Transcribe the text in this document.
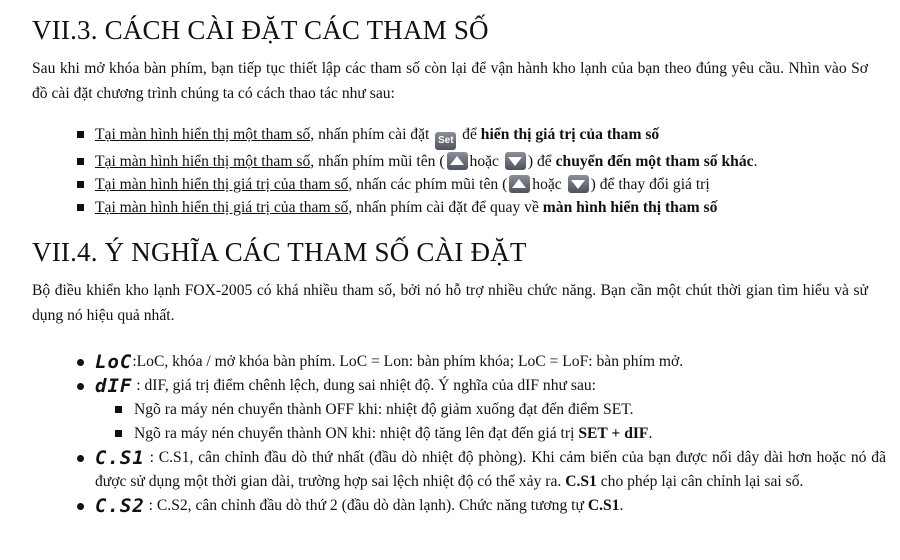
VII.3. CÁCH CÀI ĐẶT CÁC THAM SỐ

Sau khi mở khóa bàn phím, bạn tiếp tục thiết lập các tham số còn lại để vận hành kho lạnh của bạn theo đúng yêu cầu. Nhìn vào Sơ đồ cài đặt chương trình chúng ta có cách thao tác như sau:

Tại màn hình hiển thị một tham số, nhấn phím cài đặt Set để hiển thị giá trị của tham số
Tại màn hình hiển thị một tham số, nhấn phím mũi tên ( hoặc ) để chuyển đến một tham số khác.
Tại màn hình hiển thị giá trị của tham số, nhấn các phím mũi tên ( hoặc ) để thay đổi giá trị
Tại màn hình hiển thị giá trị của tham số, nhấn phím cài đặt để quay về màn hình hiển thị tham số
VII.4. Ý NGHĨA CÁC THAM SỐ CÀI ĐẶT

Bộ điều khiển kho lạnh FOX-2005 có khá nhiều tham số, bởi nó hỗ trợ nhiều chức năng. Bạn cần một chút thời gian tìm hiểu và sử dụng nó hiệu quả nhất.

LoC:LoC, khóa / mở khóa bàn phím. LoC = Lon: bàn phím khóa; LoC = LoF: bàn phím mở.
dIF : dIF, giá trị điểm chênh lệch, dung sai nhiệt độ. Ý nghĩa của dIF như sau:
Ngõ ra máy nén chuyển thành OFF khi: nhiệt độ giảm xuống đạt đến điểm SET.
Ngõ ra máy nén chuyển thành ON khi: nhiệt độ tăng lên đạt đến giá trị SET + dIF.
C.S1 : C.S1, cân chỉnh đầu dò thứ nhất (đầu dò nhiệt độ phòng). Khi cảm biến của bạn được nối dây dài hơn hoặc nó đã được sử dụng một thời gian dài, trường hợp sai lệch nhiệt độ có thể xảy ra. C.S1 cho phép lại cân chỉnh lại sai số.
C.S2 : C.S2, cân chỉnh đầu dò thứ 2 (đầu dò dàn lạnh). Chức năng tương tự C.S1.
